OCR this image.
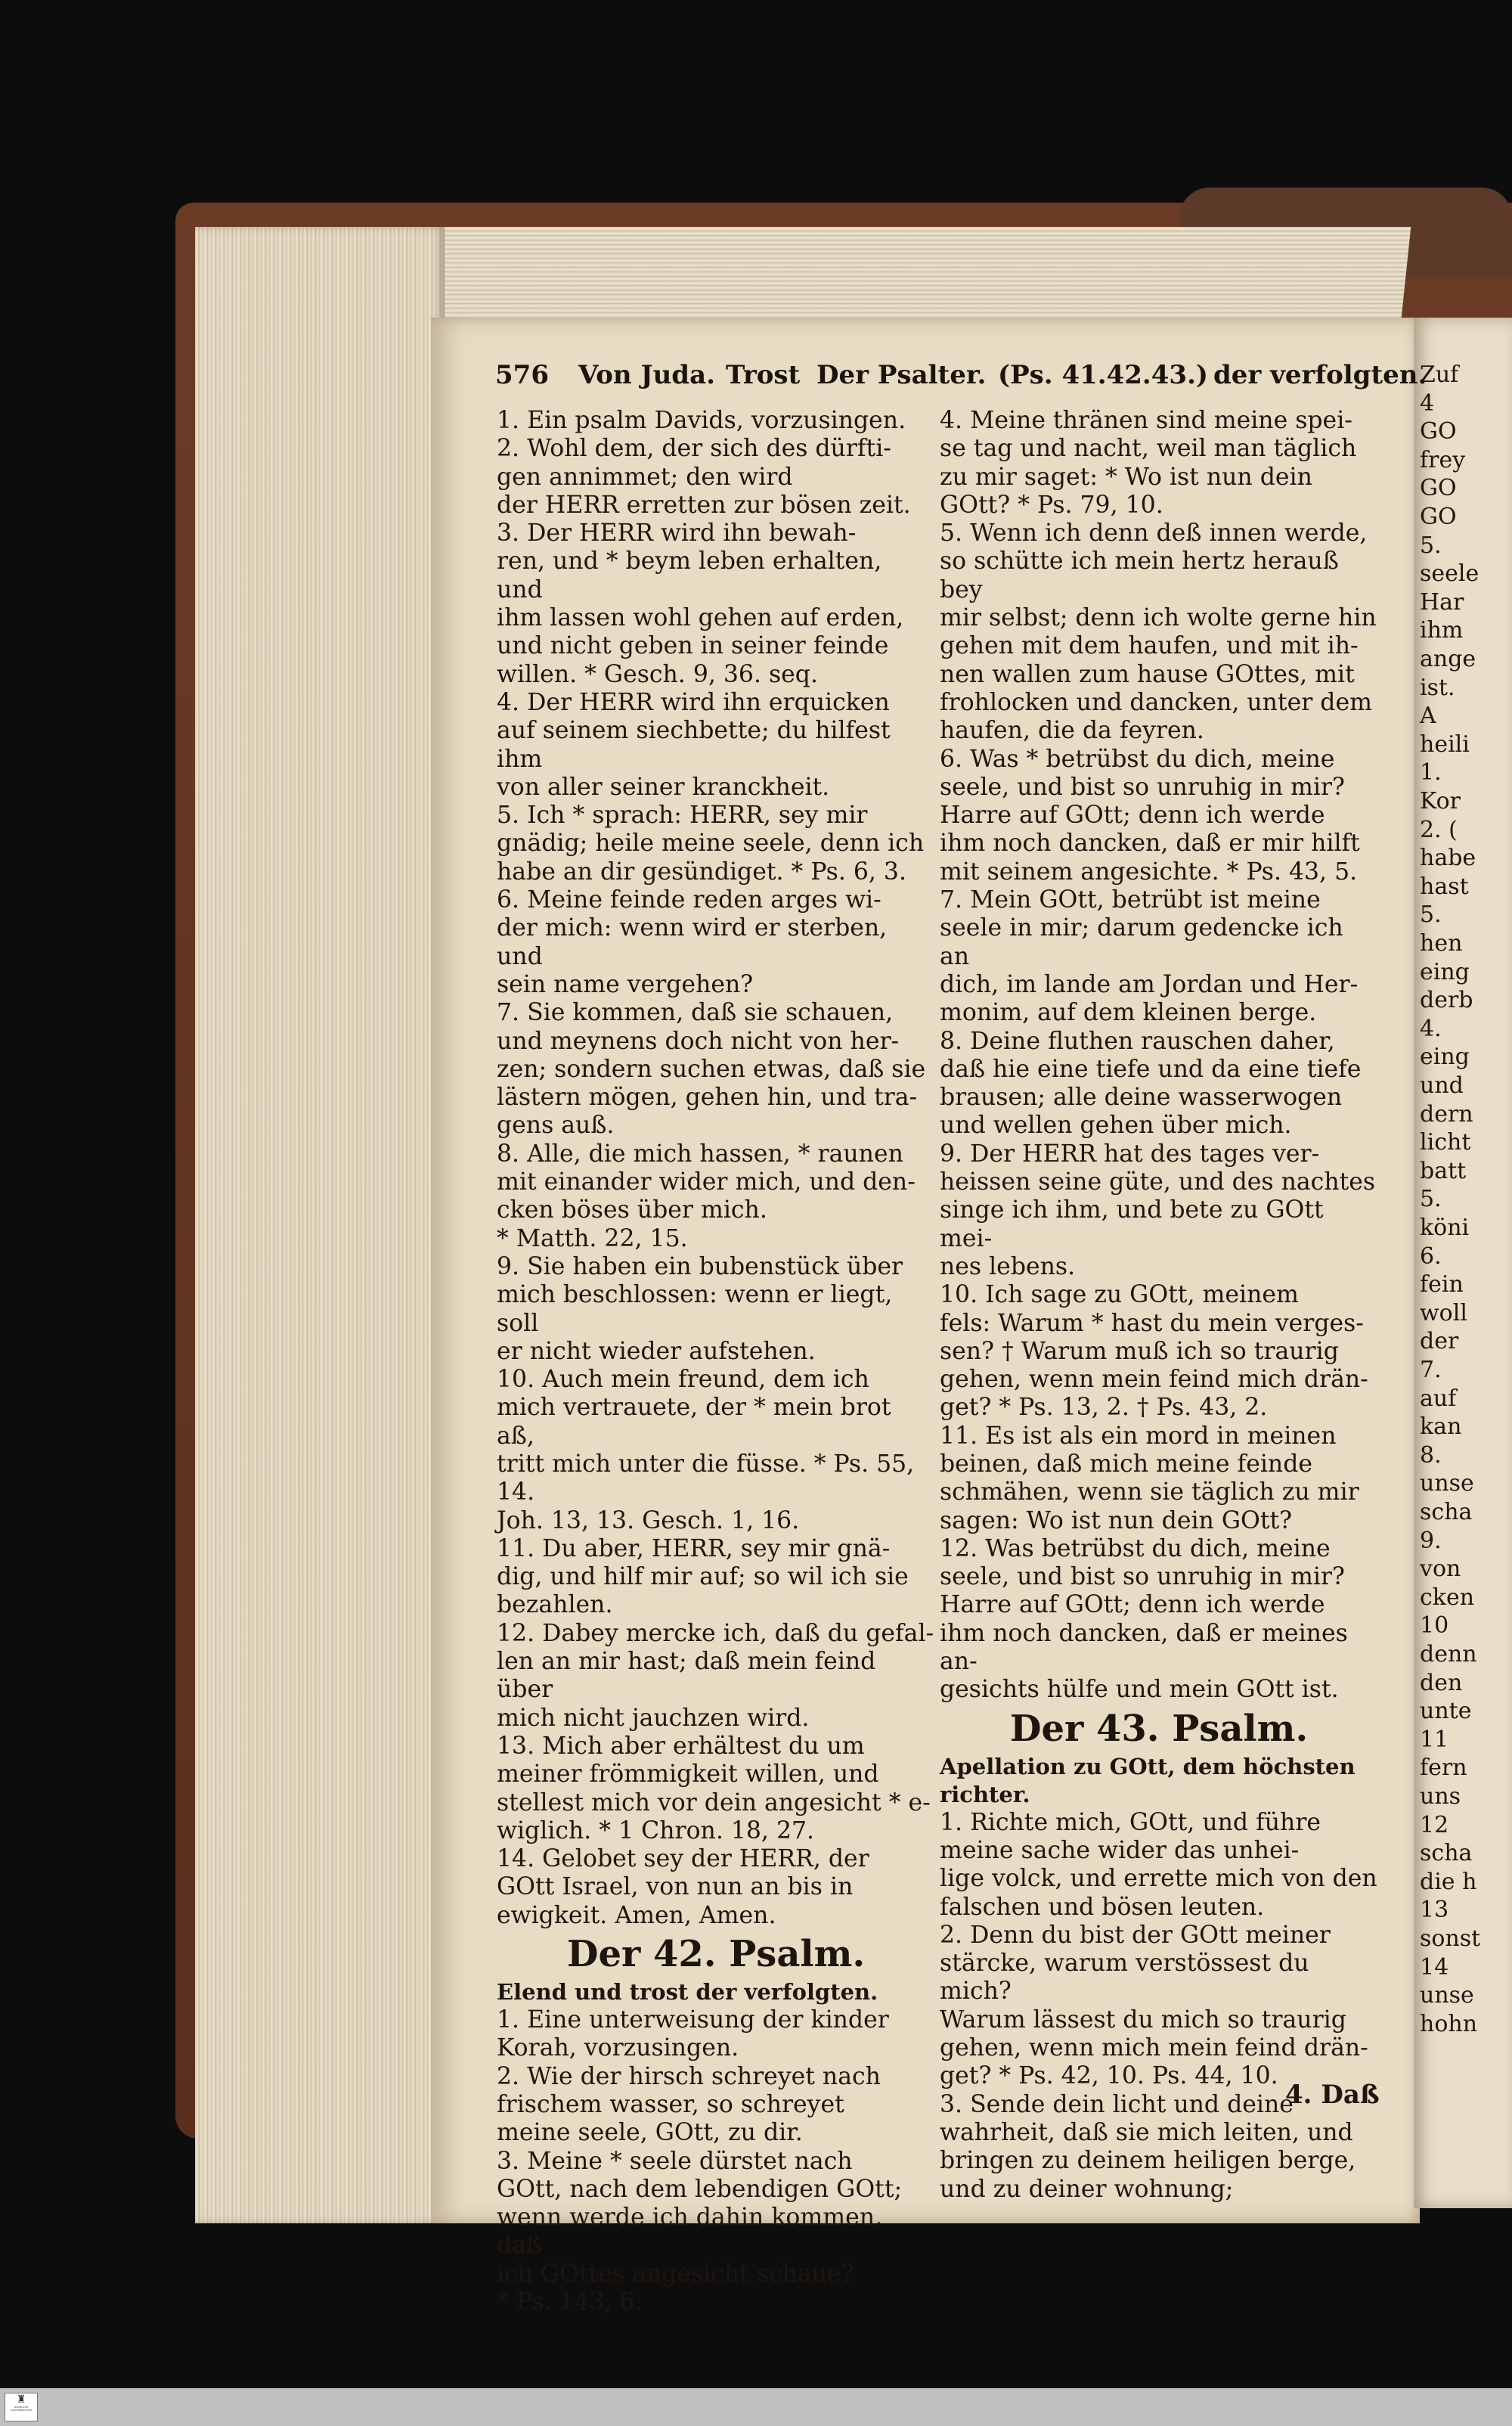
Zuf
4
GO
frey
GO
GO
5.
seele
Har
ihm
ange
ist.
A
heili
1.
Kor
2. (
habe
hast
5.
hen
eing
derb
4.
eing
und
dern
licht
batt
5.
köni
6.
fein
woll
der
7.
auf
kan
8.
unse
scha
9.
von
cken
10
denn
den
unte
11
fern
uns
12
scha
die h
13
sonst
14
unse
hohn
576 Von Juda. Trost Der Psalter. (Ps. 41.42.43.) der verfolgten.

1. Ein psalm Davids, vorzusingen.

2. Wohl dem, der sich des dürfti-

gen annimmet; den wird

der HERR erretten zur bösen zeit.

3. Der HERR wird ihn bewah-

ren, und * beym leben erhalten, und

ihm lassen wohl gehen auf erden,

und nicht geben in seiner feinde

willen. * Gesch. 9, 36. seq.

4. Der HERR wird ihn erquicken

auf seinem siechbette; du hilfest ihm

von aller seiner kranckheit.

5. Ich * sprach: HERR, sey mir

gnädig; heile meine seele, denn ich

habe an dir gesündiget. * Ps. 6, 3.

6. Meine feinde reden arges wi-

der mich: wenn wird er sterben, und

sein name vergehen?

7. Sie kommen, daß sie schauen,

und meynens doch nicht von her-

zen; sondern suchen etwas, daß sie

lästern mögen, gehen hin, und tra-

gens auß.

8. Alle, die mich hassen, * raunen

mit einander wider mich, und den-

cken böses über mich.

* Matth. 22, 15.

9. Sie haben ein bubenstück über

mich beschlossen: wenn er liegt, soll

er nicht wieder aufstehen.

10. Auch mein freund, dem ich

mich vertrauete, der * mein brot aß,

tritt mich unter die füsse. * Ps. 55, 14.

Joh. 13, 13. Gesch. 1, 16.

11. Du aber, HERR, sey mir gnä-

dig, und hilf mir auf; so wil ich sie

bezahlen.

12. Dabey mercke ich, daß du gefal-

len an mir hast; daß mein feind über

mich nicht jauchzen wird.

13. Mich aber erhältest du um

meiner frömmigkeit willen, und

stellest mich vor dein angesicht * e-

wiglich. * 1 Chron. 18, 27.

14. Gelobet sey der HERR, der

GOtt Israel, von nun an bis in

ewigkeit. Amen, Amen.

Der 42. Psalm.

Elend und trost der verfolgten.

1. Eine unterweisung der kinder

Korah, vorzusingen.

2. Wie der hirsch schreyet nach

frischem wasser, so schreyet

meine seele, GOtt, zu dir.

3. Meine * seele dürstet nach

GOtt, nach dem lebendigen GOtt;

wenn werde ich dahin kommen, daß

ich GOttes angesicht schaue?

* Ps. 143, 6.

4. Meine thränen sind meine spei-

se tag und nacht, weil man täglich

zu mir saget: * Wo ist nun dein

GOtt? * Ps. 79, 10.

5. Wenn ich denn deß innen werde,

so schütte ich mein hertz herauß bey

mir selbst; denn ich wolte gerne hin

gehen mit dem haufen, und mit ih-

nen wallen zum hause GOttes, mit

frohlocken und dancken, unter dem

haufen, die da feyren.

6. Was * betrübst du dich, meine

seele, und bist so unruhig in mir?

Harre auf GOtt; denn ich werde

ihm noch dancken, daß er mir hilft

mit seinem angesichte. * Ps. 43, 5.

7. Mein GOtt, betrübt ist meine

seele in mir; darum gedencke ich an

dich, im lande am Jordan und Her-

monim, auf dem kleinen berge.

8. Deine fluthen rauschen daher,

daß hie eine tiefe und da eine tiefe

brausen; alle deine wasserwogen

und wellen gehen über mich.

9. Der HERR hat des tages ver-

heissen seine güte, und des nachtes

singe ich ihm, und bete zu GOtt mei-

nes lebens.

10. Ich sage zu GOtt, meinem

fels: Warum * hast du mein verges-

sen? † Warum muß ich so traurig

gehen, wenn mein feind mich drän-

get? * Ps. 13, 2. † Ps. 43, 2.

11. Es ist als ein mord in meinen

beinen, daß mich meine feinde

schmähen, wenn sie täglich zu mir

sagen: Wo ist nun dein GOtt?

12. Was betrübst du dich, meine

seele, und bist so unruhig in mir?

Harre auf GOtt; denn ich werde

ihm noch dancken, daß er meines an-

gesichts hülfe und mein GOtt ist.

Der 43. Psalm.

Apellation zu GOtt, dem höchsten

richter.

1. Richte mich, GOtt, und führe

meine sache wider das unhei-

lige volck, und errette mich von den

falschen und bösen leuten.

2. Denn du bist der GOtt meiner

stärcke, warum verstössest du mich?

Warum lässest du mich so traurig

gehen, wenn mich mein feind drän-

get? * Ps. 42, 10. Ps. 44, 10.

3. Sende dein licht und deine

wahrheit, daß sie mich leiten, und

bringen zu deinem heiligen berge,

und zu deiner wohnung;

4. Daß
♜
BAYERISCHE STAATSBIBLIOTHEK
